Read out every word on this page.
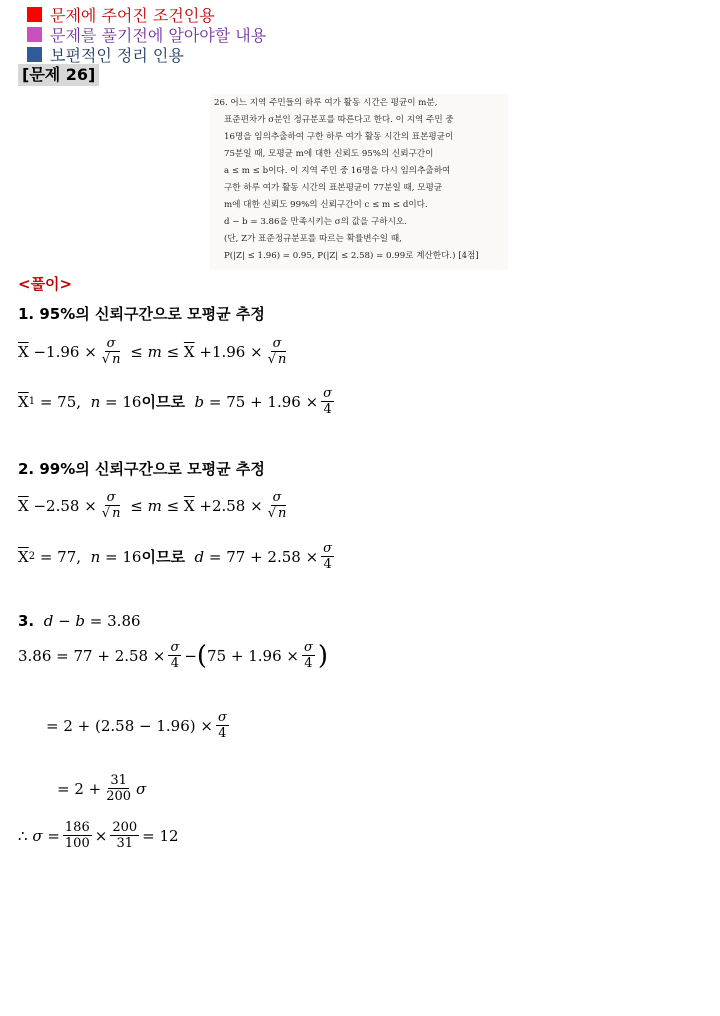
문제에 주어진 조건인용
문제를 풀기전에 알아야할 내용
보편적인 정리 인용
[문제 26]
26. 어느 지역 주민들의 하루 여가 활동 시간은 평균이 m분,
표준편차가 σ분인 정규분포를 따른다고 한다. 이 지역 주민 중
16명을 임의추출하여 구한 하루 여가 활동 시간의 표본평균이
75분일 때, 모평균 m에 대한 신뢰도 95%의 신뢰구간이
a ≤ m ≤ b이다. 이 지역 주민 중 16명을 다시 임의추출하여
구한 하루 여가 활동 시간의 표본평균이 77분일 때, 모평균
m에 대한 신뢰도 99%의 신뢰구간이 c ≤ m ≤ d이다.
d − b = 3.86을 만족시키는 σ의 값을 구하시오.
(단, Z가 표준정규분포를 따르는 확률변수일 때,
P(|Z| ≤ 1.96) = 0.95, P(|Z| ≤ 2.58) = 0.99로 계산한다.) [4점]
<풀이>
1. 95%의 신뢰구간으로 모평균 추정
$\overline{X} - 1.96 \times \frac{\sigma}{√ n} \le m \le \overline{X} + 1.96 \times \frac{\sigma}{√ n}$
$\overline{X}$ 1
= 75,
n
= 16 이므로
b
= $75 + 1.96 \times \frac{\sigma}{4}$
2. 99%의 신뢰구간으로 모평균 추정
$\overline{X} - 2.58 \times \frac{\sigma}{√ n} \le m \le \overline{X} + 2.58 \times \frac{\sigma}{√ n}$
$\overline{X}$ 2
= 77,
n
= 16 이므로
d
= $77 + 2.58 \times \frac{\sigma}{4}$
3.
d − b
= 3.86
$3.86 = 77 + 2.58 \times \frac{\sigma}{4}$ − ( $75 + 1.96 \times \frac{\sigma}{4}$ )
= $2 + (2.58 - 1.96) \times \frac{\sigma}{4}$
= $2 + \frac{31}{200}$ σ
∴ $\sigma = \frac{186}{100} \times \frac{200}{31} = 12$
